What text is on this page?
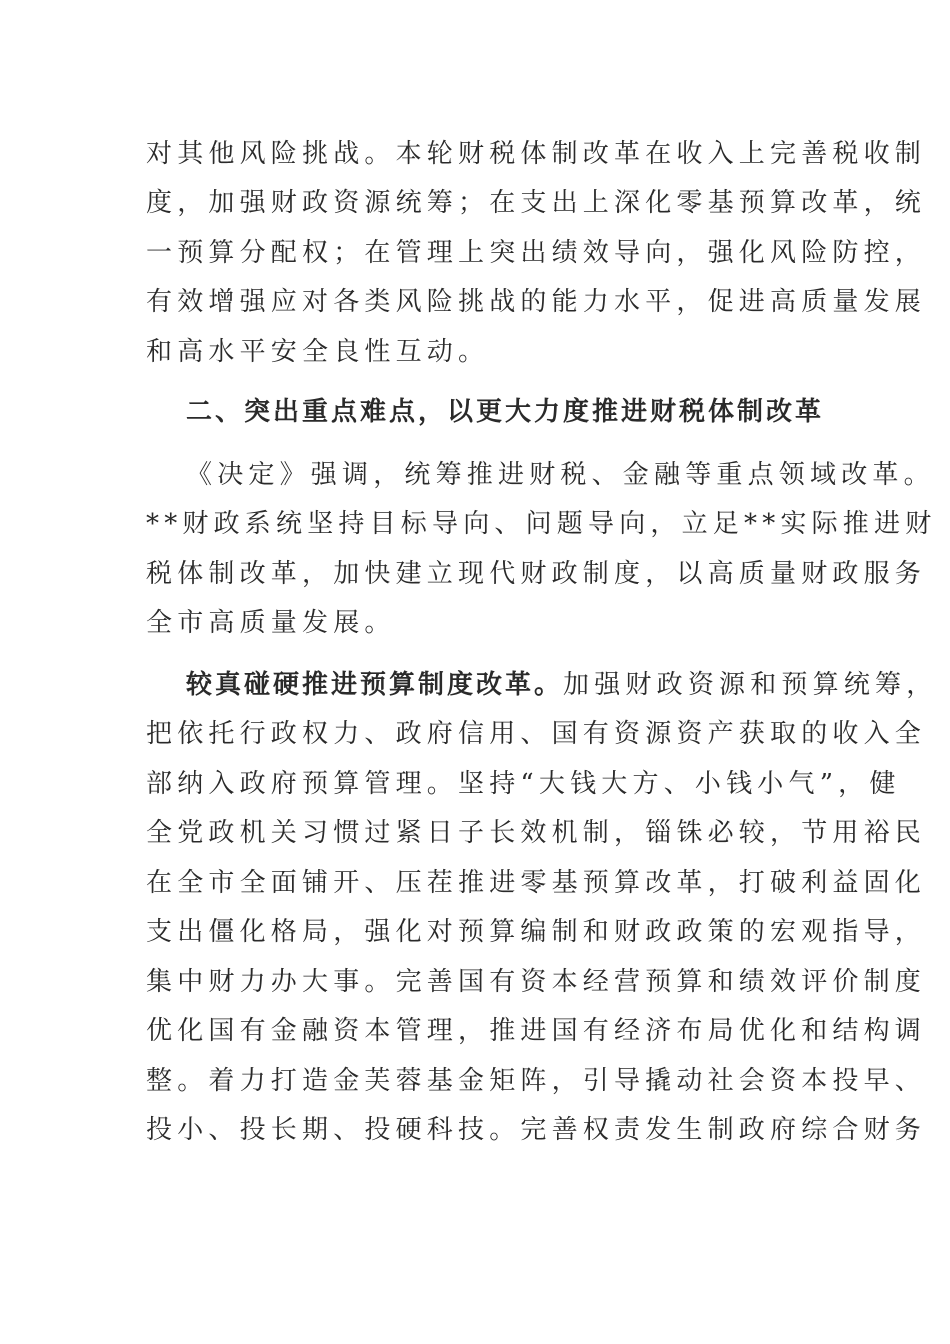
对其他风险挑战。本轮财税体制改革在收入上完善税收制
度，加强财政资源统筹；在支出上深化零基预算改革，统
一预算分配权；在管理上突出绩效导向，强化风险防控，
有效增强应对各类风险挑战的能力水平，促进高质量发展
和高水平安全良性互动。
二、突出重点难点，以更大力度推进财税体制改革
《决定》强调，统筹推进财税、金融等重点领域改革。
**财政系统坚持目标导向、问题导向，立足**实际推进财
税体制改革，加快建立现代财政制度，以高质量财政服务
全市高质量发展。
较真碰硬推进预算制度改革。加强财政资源和预算统筹，
把依托行政权力、政府信用、国有资源资产获取的收入全
部纳入政府预算管理。坚持“大钱大方、小钱小气”，健
全党政机关习惯过紧日子长效机制，锱铢必较，节用裕民
在全市全面铺开、压茬推进零基预算改革，打破利益固化
支出僵化格局，强化对预算编制和财政政策的宏观指导，
集中财力办大事。完善国有资本经营预算和绩效评价制度
优化国有金融资本管理，推进国有经济布局优化和结构调
整。着力打造金芙蓉基金矩阵，引导撬动社会资本投早、
投小、投长期、投硬科技。完善权责发生制政府综合财务
